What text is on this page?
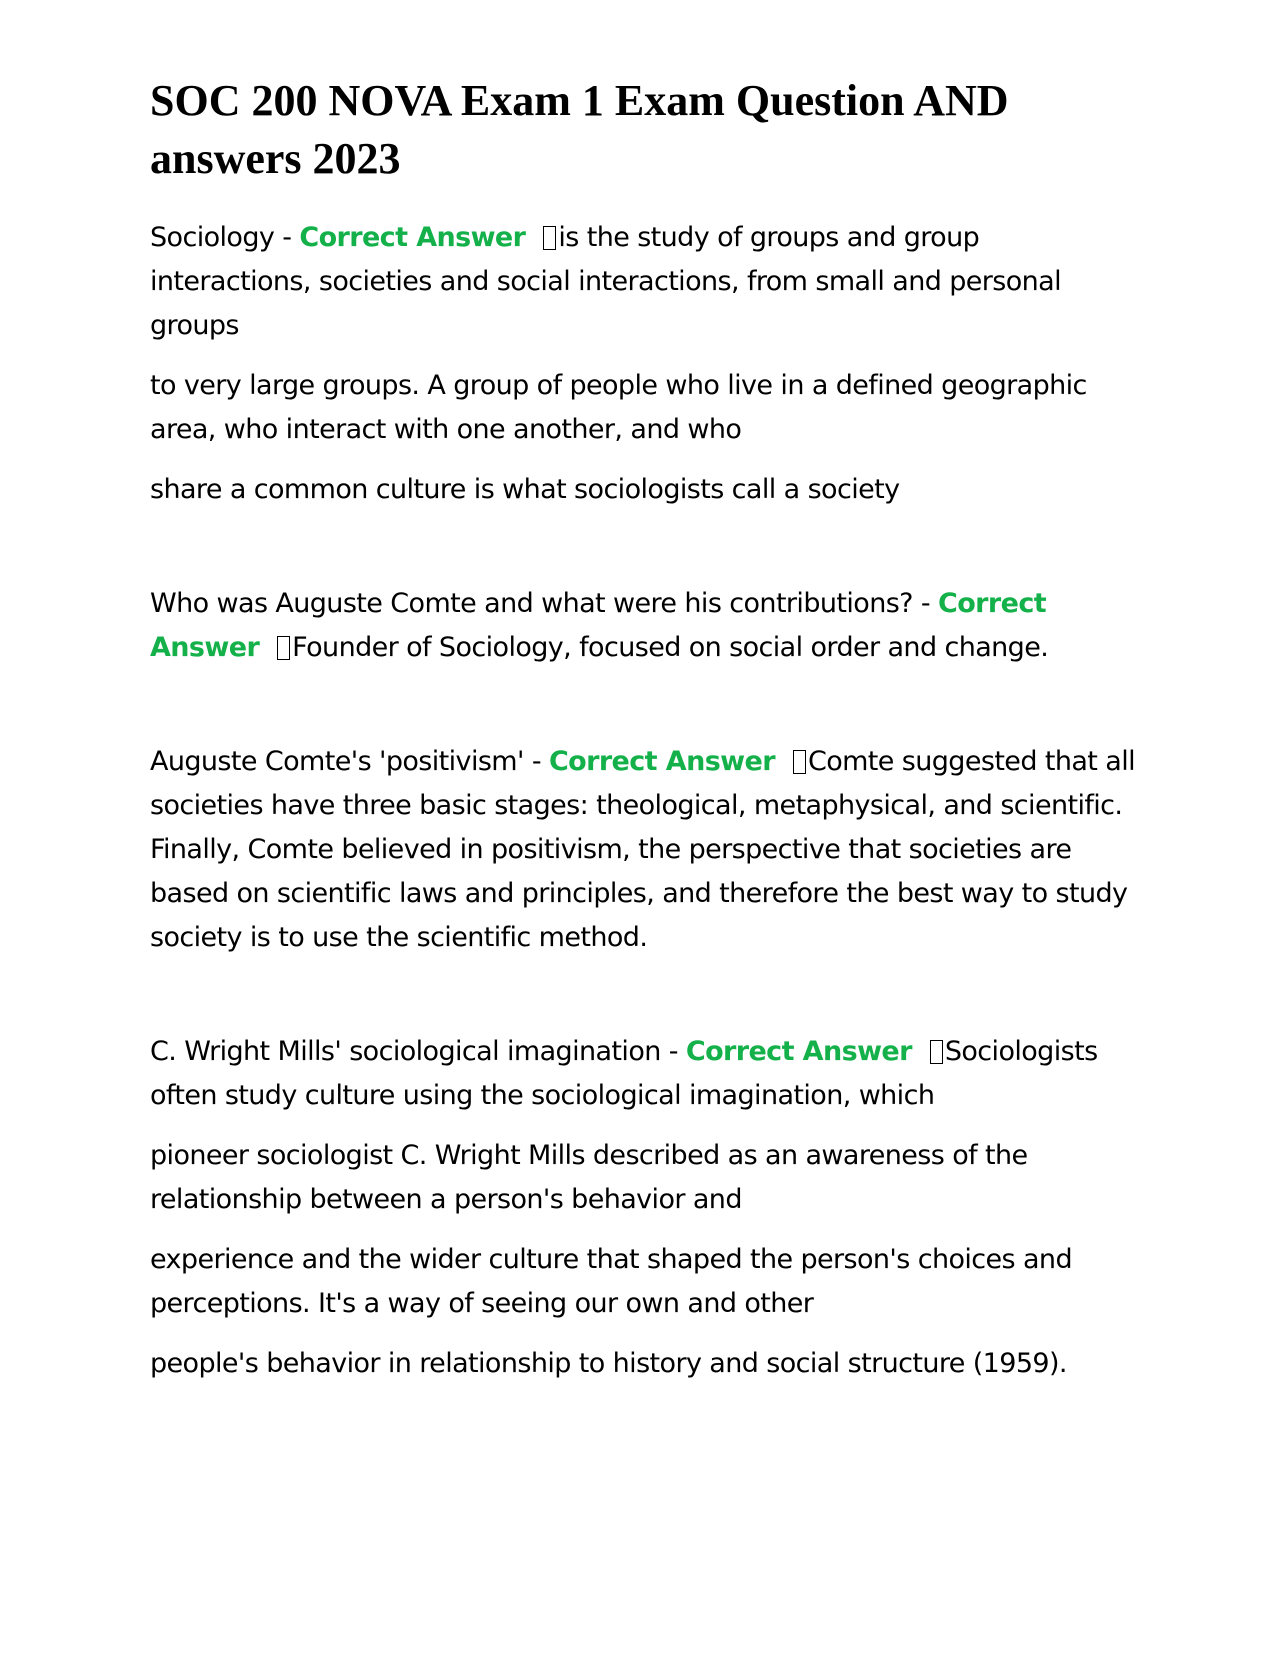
SOC 200 NOVA Exam 1 Exam Question AND answers 2023

Sociology - Correct Answer is the study of groups and group interactions, societies and social interactions, from small and personal groups

to very large groups. A group of people who live in a defined geographic area, who interact with one another, and who

share a common culture is what sociologists call a society

Who was Auguste Comte and what were his contributions? - Correct Answer Founder of Sociology, focused on social order and change.

Auguste Comte's 'positivism' - Correct Answer Comte suggested that all societies have three basic stages: theological, metaphysical, and scientific. Finally, Comte believed in positivism, the perspective that societies are based on scientific laws and principles, and therefore the best way to study society is to use the scientific method.

C. Wright Mills' sociological imagination - Correct Answer Sociologists often study culture using the sociological imagination, which

pioneer sociologist C. Wright Mills described as an awareness of the relationship between a person's behavior and

experience and the wider culture that shaped the person's choices and perceptions. It's a way of seeing our own and other

people's behavior in relationship to history and social structure (1959).
